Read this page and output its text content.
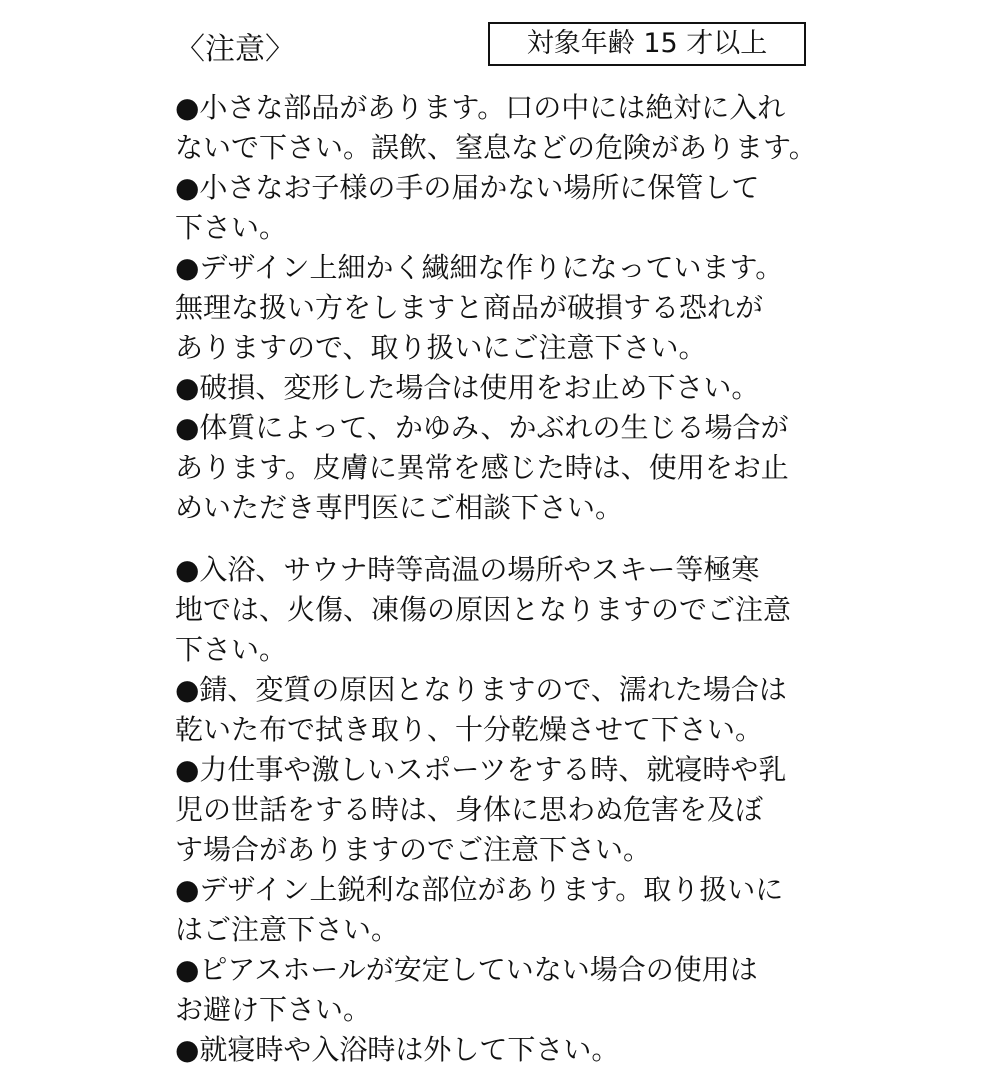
〈注意〉	対象年齢 15 才以上
●小さな部品があります。口の中には絶対に入れ
ないで下さい。誤飲、窒息などの危険があります。
●小さなお子様の手の届かない場所に保管して
下さい。
●デザイン上細かく繊細な作りになっています。
無理な扱い方をしますと商品が破損する恐れが
ありますので、取り扱いにご注意下さい。
●破損、変形した場合は使用をお止め下さい。
●体質によって、かゆみ、かぶれの生じる場合が
あります。皮膚に異常を感じた時は、使用をお止
めいただき専門医にご相談下さい。
●入浴、サウナ時等高温の場所やスキー等極寒
地では、火傷、凍傷の原因となりますのでご注意
下さい。
●錆、変質の原因となりますので、濡れた場合は
乾いた布で拭き取り、十分乾燥させて下さい。
●力仕事や激しいスポーツをする時、就寝時や乳
児の世話をする時は、身体に思わぬ危害を及ぼ
す場合がありますのでご注意下さい。
●デザイン上鋭利な部位があります。取り扱いに
はご注意下さい。
●ピアスホールが安定していない場合の使用は
お避け下さい。
●就寝時や入浴時は外して下さい。
